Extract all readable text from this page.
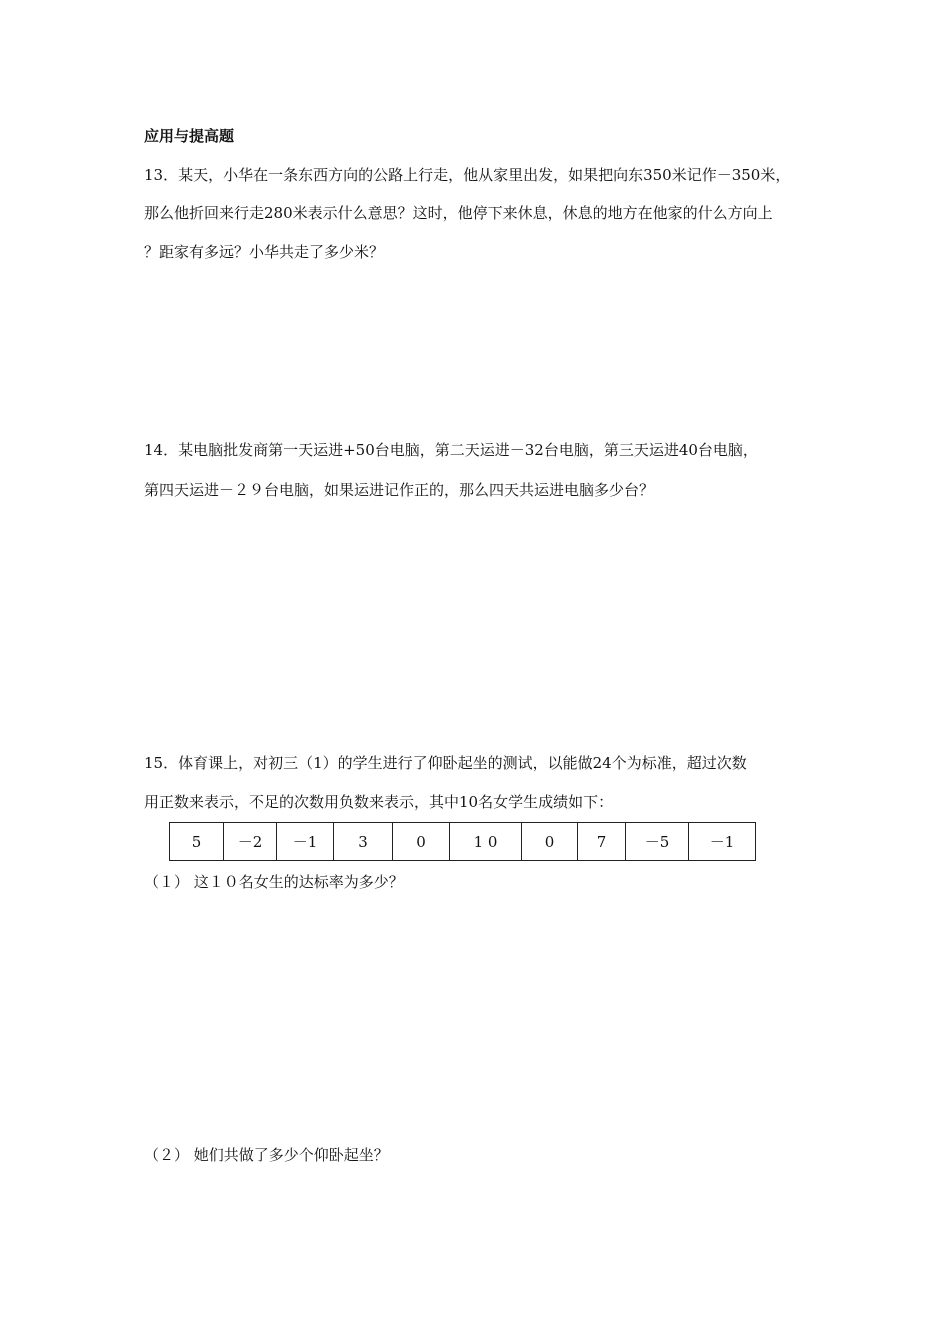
应用与提高题
13．某天，小华在一条东西方向的公路上行走，他从家里出发，如果把向东350米记作－350米，
那么他折回来行走280米表示什么意思？这时，他停下来休息，休息的地方在他家的什么方向上
？距家有多远？小华共走了多少米？
14．某电脑批发商第一天运进+50台电脑，第二天运进－32台电脑，第三天运进40台电脑，
第四天运进－２９台电脑，如果运进记作正的，那么四天共运进电脑多少台？
15．体育课上，对初三（1）的学生进行了仰卧起坐的测试，以能做24个为标准，超过次数
用正数来表示，不足的次数用负数来表示，其中10名女学生成绩如下：
5	－2	－1	3	0	1 0	0	7	－5	－1
（１） 这１０名女生的达标率为多少？
（２） 她们共做了多少个仰卧起坐？
